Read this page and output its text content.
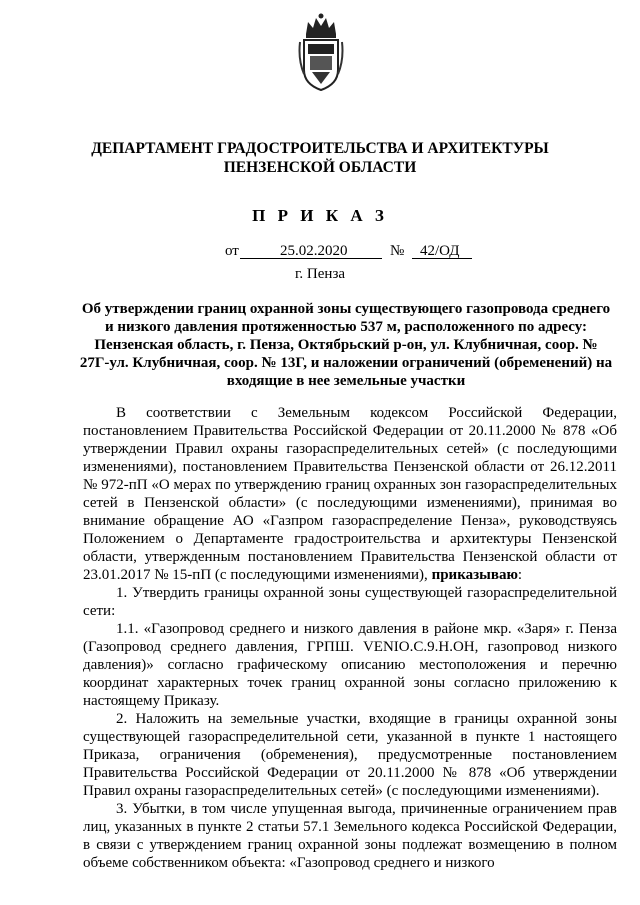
ДЕПАРТАМЕНТ ГРАДОСТРОИТЕЛЬСТВА И АРХИТЕКТУРЫ
ПЕНЗЕНСКОЙ ОБЛАСТИ
П Р И К А З
от	25.02.2020	№ 42/ОД
г. Пенза
Об утверждении границ охранной зоны существующего газопровода среднего и низкого давления протяженностью 537 м, расположенного по адресу: Пензенская область, г. Пенза, Октябрьский р-он, ул. Клубничная, соор. № 27Г-ул. Клубничная, соор. № 13Г, и наложении ограничений (обременений) на входящие в нее земельные участки

В соответствии с Земельным кодексом Российской Федерации, постановлением Правительства Российской Федерации от 20.11.2000 № 878 «Об утверждении Правил охраны газораспределительных сетей» (с последующими изменениями), постановлением Правительства Пензенской области от 26.12.2011 № 972-пП «О мерах по утверждению границ охранных зон газораспределительных сетей в Пензенской области» (с последующими изменениями), принимая во внимание обращение АО «Газпром газораспределение Пенза», руководствуясь Положением о Департаменте градостроительства и архитектуры Пензенской области, утвержденным постановлением Правительства Пензенской области от 23.01.2017 № 15-пП (с последующими изменениями), приказываю:

1. Утвердить границы охранной зоны существующей газораспределительной сети:

1.1. «Газопровод среднего и низкого давления в районе мкр. «Заря» г. Пенза (Газопровод среднего давления, ГРПШ. VENIO.C.9.Н.ОН, газопровод низкого давления)» согласно графическому описанию местоположения и перечню координат характерных точек границ охранной зоны согласно приложению к настоящему Приказу.

2. Наложить на земельные участки, входящие в границы охранной зоны существующей газораспределительной сети, указанной в пункте 1 настоящего Приказа, ограничения (обременения), предусмотренные постановлением Правительства Российской Федерации от 20.11.2000 № 878 «Об утверждении Правил охраны газораспределительных сетей» (с последующими изменениями).

3. Убытки, в том числе упущенная выгода, причиненные ограничением прав лиц, указанных в пункте 2 статьи 57.1 Земельного кодекса Российской Федерации, в связи с утверждением границ охранной зоны подлежат возмещению в полном объеме собственником объекта: «Газопровод среднего и низкого
